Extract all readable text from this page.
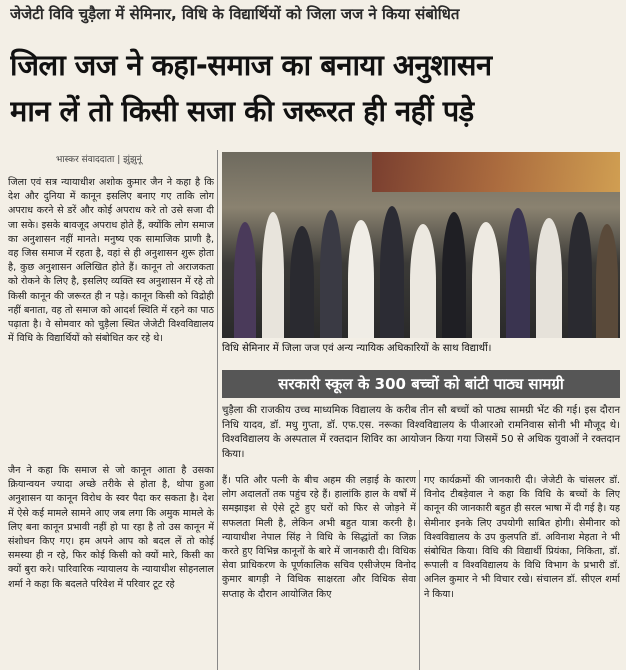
जेजेटी विवि चुड़ैला में सेमिनार, विधि के विद्यार्थियों को जिला जज ने किया संबोधित
जिला जज ने कहा-समाज का बनाया अनुशासन
मान लें तो किसी सजा की जरूरत ही नहीं पड़े
भास्कर संवाददाता | झुंझुनूं
जिला एवं सत्र न्यायाधीश अशोक कुमार जैन ने कहा है कि देश और दुनिया में कानून इसलिए बनाए गए ताकि लोग अपराध करने से डरें और कोई अपराध करे तो उसे सजा दी जा सके। इसके बावजूद अपराध होते हैं, क्योंकि लोग समाज का अनुशासन नहीं मानते। मनुष्य एक सामाजिक प्राणी है, वह जिस समाज में रहता है, वहां से ही अनुशासन शुरू होता है, कुछ अनुशासन अलिखित होते हैं। कानून तो अराजकता को रोकने के लिए है, इसलिए व्यक्ति स्व अनुशासन में रहे तो किसी कानून की जरूरत ही न पड़े। कानून किसी को विद्रोही नहीं बनाता, वह तो समाज को आदर्श स्थिति में रहने का पाठ पढ़ाता है। वे सोमवार को चुड़ैला स्थित जेजेटी विश्वविद्यालय में विधि के विद्यार्थियों को संबोधित कर रहे थे।
जैन ने कहा कि समाज से जो कानून आता है उसका क्रियान्वयन ज्यादा अच्छे तरीके से होता है, थोपा हुआ अनुशासन या कानून विरोध के स्वर पैदा कर सकता है। देश में ऐसे कई मामले सामने आए जब लगा कि अमुक मामले के लिए बना कानून प्रभावी नहीं हो पा रहा है तो उस कानून में संशोधन किए गए। हम अपने आप को बदल लें तो कोई समस्या ही न रहे, फिर कोई किसी को क्यों मारे, किसी का क्यों बुरा करे। पारिवारिक न्यायालय के न्यायाधीश सोहनलाल शर्मा ने कहा कि बदलते परिवेश में परिवार टूट रहे
विधि सेमिनार में जिला जज एवं अन्य न्यायिक अधिकारियों के साथ विद्यार्थी।
सरकारी स्कूल के 300 बच्चों को बांटी पाठ्य सामग्री
चुड़ैला की राजकीय उच्च माध्यमिक विद्यालय के करीब तीन सौ बच्चों को पाठ्य सामग्री भेंट की गई। इस दौरान निधि यादव, डॉ. मधु गुप्ता, डॉ. एफ.एस. नरूका विश्वविद्यालय के पीआरओ रामनिवास सोनी भी मौजूद थे। विश्वविद्यालय के अस्पताल में रक्तदान शिविर का आयोजन किया गया जिसमें 50 से अधिक युवाओं ने रक्तदान किया।
हैं। पति और पत्नी के बीच अहम की लड़ाई के कारण लोग अदालतों तक पहुंच रहे हैं। हालांकि हाल के वर्षों में समझाइश से ऐसे टूटे हुए घरों को फिर से जोड़ने में सफलता मिली है, लेकिन अभी बहुत यात्रा करनी है। न्यायाधीश नेपाल सिंह ने विधि के सिद्धांतों का जिक्र करते हुए विभिन्न कानूनों के बारे में जानकारी दी। विधिक सेवा प्राधिकरण के पूर्णकालिक सचिव एसीजेएम विनोद कुमार बागड़ी ने विधिक साक्षरता और विधिक सेवा सप्ताह के दौरान आयोजित किए
गए कार्यक्रमों की जानकारी दी। जेजेटी के चांसलर डॉ. विनोद टीबड़ेवाल ने कहा कि विधि के बच्चों के लिए कानून की जानकारी बहुत ही सरल भाषा में दी गई है। यह सेमीनार इनके लिए उपयोगी साबित होगी। सेमीनार को विश्वविद्यालय के उप कुलपति डॉ. अविनाश मेहता ने भी संबोधित किया। विधि की विद्यार्थी प्रियंका, निकिता, डॉ. रूपाली व विश्वविद्यालय के विधि विभाग के प्रभारी डॉ. अनिल कुमार ने भी विचार रखे। संचालन डॉ. सीएल शर्मा ने किया।
